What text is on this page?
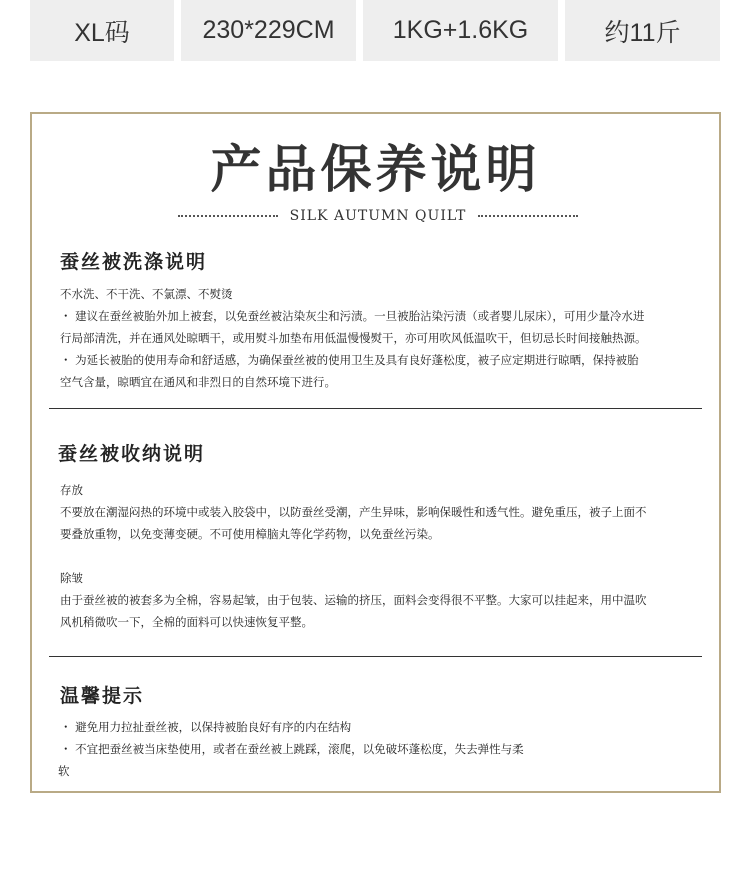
XL码	230*229CM	1KG+1.6KG	约11斤
产品保养说明
SILK AUTUMN QUILT
蚕丝被洗涤说明
不水洗、不干洗、不氯漂、不熨烫
・ 建议在蚕丝被胎外加上被套，以免蚕丝被沾染灰尘和污渍。一旦被胎沾染污渍（或者婴儿尿床），可用少量冷水进
行局部清洗，并在通风处晾晒干，或用熨斗加垫布用低温慢慢熨干，亦可用吹风低温吹干，但切忌长时间接触热源。
・ 为延长被胎的使用寿命和舒适感，为确保蚕丝被的使用卫生及具有良好蓬松度，被子应定期进行晾晒，保持被胎
空气含量，晾晒宜在通风和非烈日的自然环境下进行。
蚕丝被收纳说明
存放
不要放在潮湿闷热的环境中或装入胶袋中，以防蚕丝受潮，产生异味，影响保暖性和透气性。避免重压，被子上面不
要叠放重物，以免变薄变硬。不可使用樟脑丸等化学药物，以免蚕丝污染。
除皱
由于蚕丝被的被套多为全棉，容易起皱，由于包装、运输的挤压，面料会变得很不平整。大家可以挂起来，用中温吹
风机稍微吹一下，全棉的面料可以快速恢复平整。
温馨提示
・ 避免用力拉扯蚕丝被，以保持被胎良好有序的内在结构
・ 不宜把蚕丝被当床垫使用，或者在蚕丝被上跳踩，滚爬，以免破坏蓬松度，失去弹性与柔
软
